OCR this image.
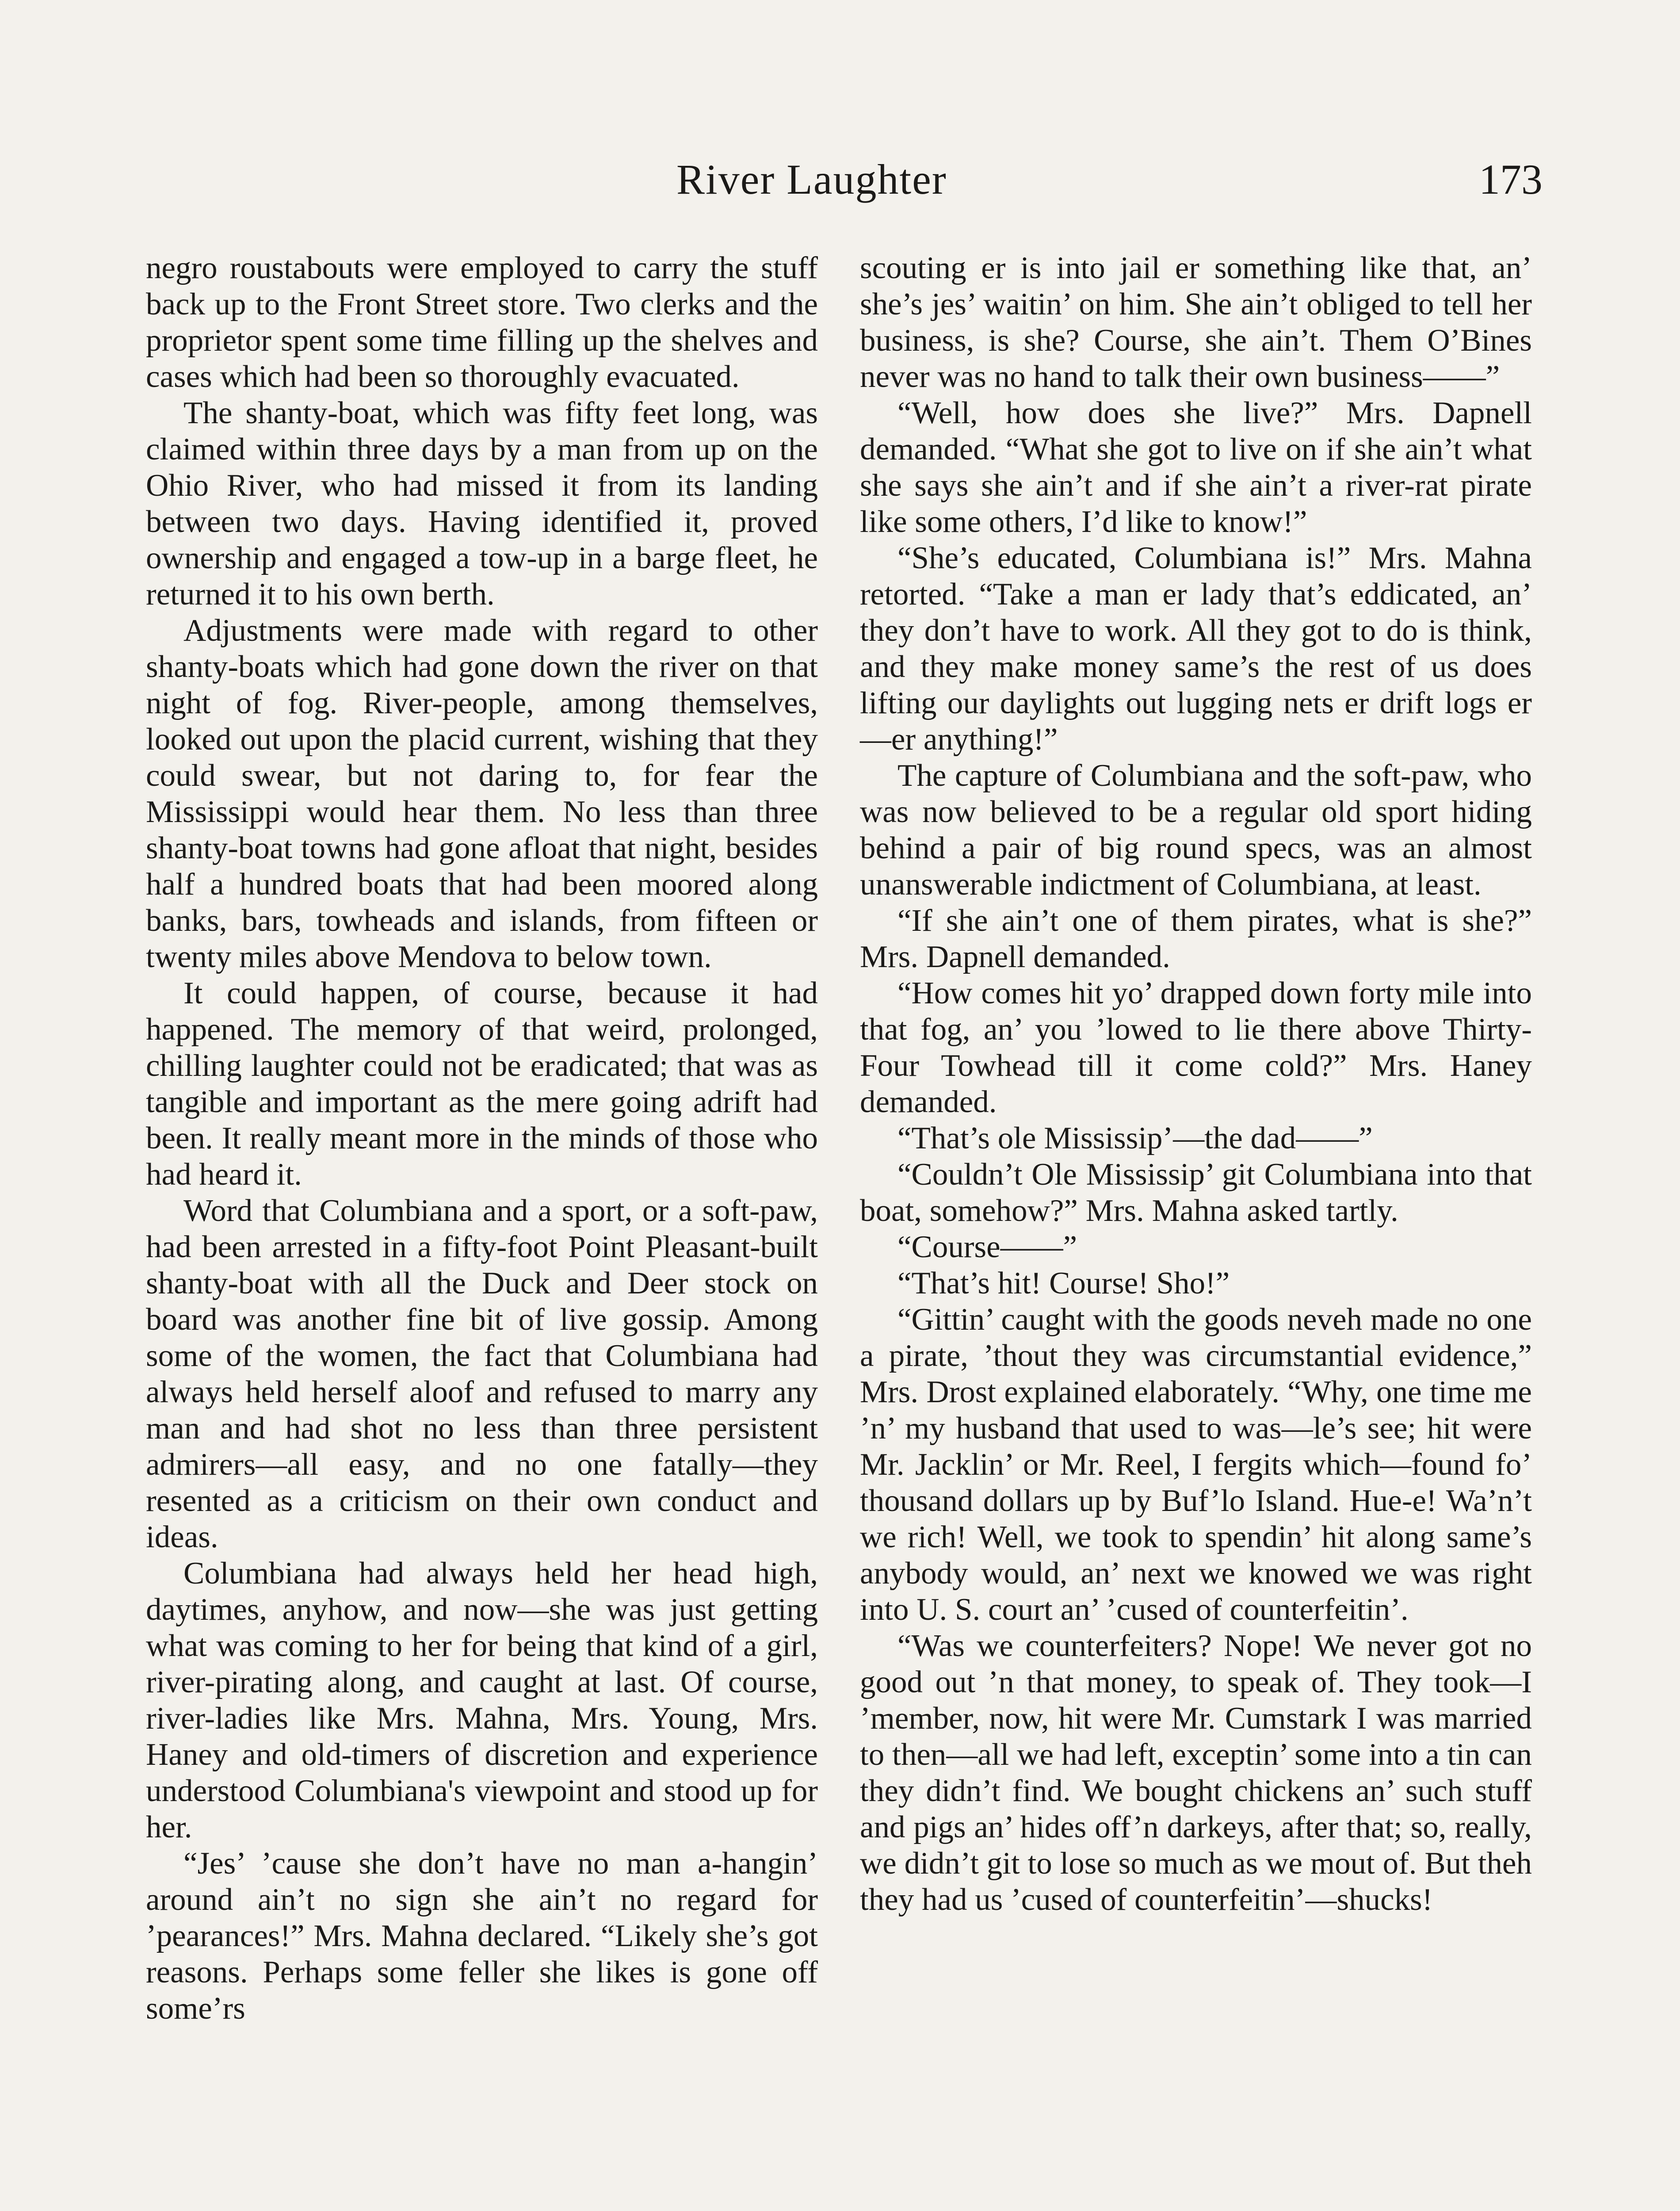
River Laughter	173

negro roustabouts were employed to carry the stuff back up to the Front Street store. Two clerks and the proprietor spent some time filling up the shelves and cases which had been so thoroughly evacuated.

The shanty-boat, which was fifty feet long, was claimed within three days by a man from up on the Ohio River, who had missed it from its landing between two days. Having identified it, proved ownership and engaged a tow-up in a barge fleet, he returned it to his own berth.

Adjustments were made with regard to other shanty-boats which had gone down the river on that night of fog. River-people, among themselves, looked out upon the placid current, wishing that they could swear, but not daring to, for fear the Mississippi would hear them. No less than three shanty-boat towns had gone afloat that night, besides half a hundred boats that had been moored along banks, bars, towheads and islands, from fifteen or twenty miles above Mendova to below town.

It could happen, of course, because it had happened. The memory of that weird, prolonged, chilling laughter could not be eradicated; that was as tangible and important as the mere going adrift had been. It really meant more in the minds of those who had heard it.

Word that Columbiana and a sport, or a soft-paw, had been arrested in a fifty-foot Point Pleasant-built shanty-boat with all the Duck and Deer stock on board was another fine bit of live gossip. Among some of the women, the fact that Columbiana had always held herself aloof and refused to marry any man and had shot no less than three persistent admirers—all easy, and no one fatally—they resented as a criticism on their own conduct and ideas.

Columbiana had always held her head high, daytimes, anyhow, and now—she was just getting what was coming to her for being that kind of a girl, river-pirating along, and caught at last. Of course, river-ladies like Mrs. Mahna, Mrs. Young, Mrs. Haney and old-timers of discretion and experience understood Columbiana's viewpoint and stood up for her.

“Jes’ ’cause she don’t have no man a-hangin’ around ain’t no sign she ain’t no regard for ’pearances!” Mrs. Mahna declared. “Likely she’s got reasons. Perhaps some feller she likes is gone off some’rs

scouting er is into jail er something like that, an’ she’s jes’ waitin’ on him. She ain’t obliged to tell her business, is she? Course, she ain’t. Them O’Bines never was no hand to talk their own business——”

“Well, how does she live?” Mrs. Dapnell demanded. “What she got to live on if she ain’t what she says she ain’t and if she ain’t a river-rat pirate like some others, I’d like to know!”

“She’s educated, Columbiana is!” Mrs. Mahna retorted. “Take a man er lady that’s eddicated, an’ they don’t have to work. All they got to do is think, and they make money same’s the rest of us does lifting our daylights out lugging nets er drift logs er—er anything!”

The capture of Columbiana and the soft-paw, who was now believed to be a regular old sport hiding behind a pair of big round specs, was an almost unanswerable indictment of Columbiana, at least.

“If she ain’t one of them pirates, what is she?” Mrs. Dapnell demanded.

“How comes hit yo’ drapped down forty mile into that fog, an’ you ’lowed to lie there above Thirty-Four Towhead till it come cold?” Mrs. Haney demanded.

“That’s ole Mississip’—the dad——”

“Couldn’t Ole Mississip’ git Columbiana into that boat, somehow?” Mrs. Mahna asked tartly.

“Course——”

“That’s hit! Course! Sho!”

“Gittin’ caught with the goods neveh made no one a pirate, ’thout they was circumstantial evidence,” Mrs. Drost explained elaborately. “Why, one time me ’n’ my husband that used to was—le’s see; hit were Mr. Jacklin’ or Mr. Reel, I fergits which—found fo’ thousand dollars up by Buf’lo Island. Hue-e! Wa’n’t we rich! Well, we took to spendin’ hit along same’s anybody would, an’ next we knowed we was right into U. S. court an’ ’cused of counterfeitin’.

“Was we counterfeiters? Nope! We never got no good out ’n that money, to speak of. They took—I ’member, now, hit were Mr. Cumstark I was married to then—all we had left, exceptin’ some into a tin can they didn’t find. We bought chickens an’ such stuff and pigs an’ hides off’n darkeys, after that; so, really, we didn’t git to lose so much as we mout of. But theh they had us ’cused of counterfeitin’—shucks!
